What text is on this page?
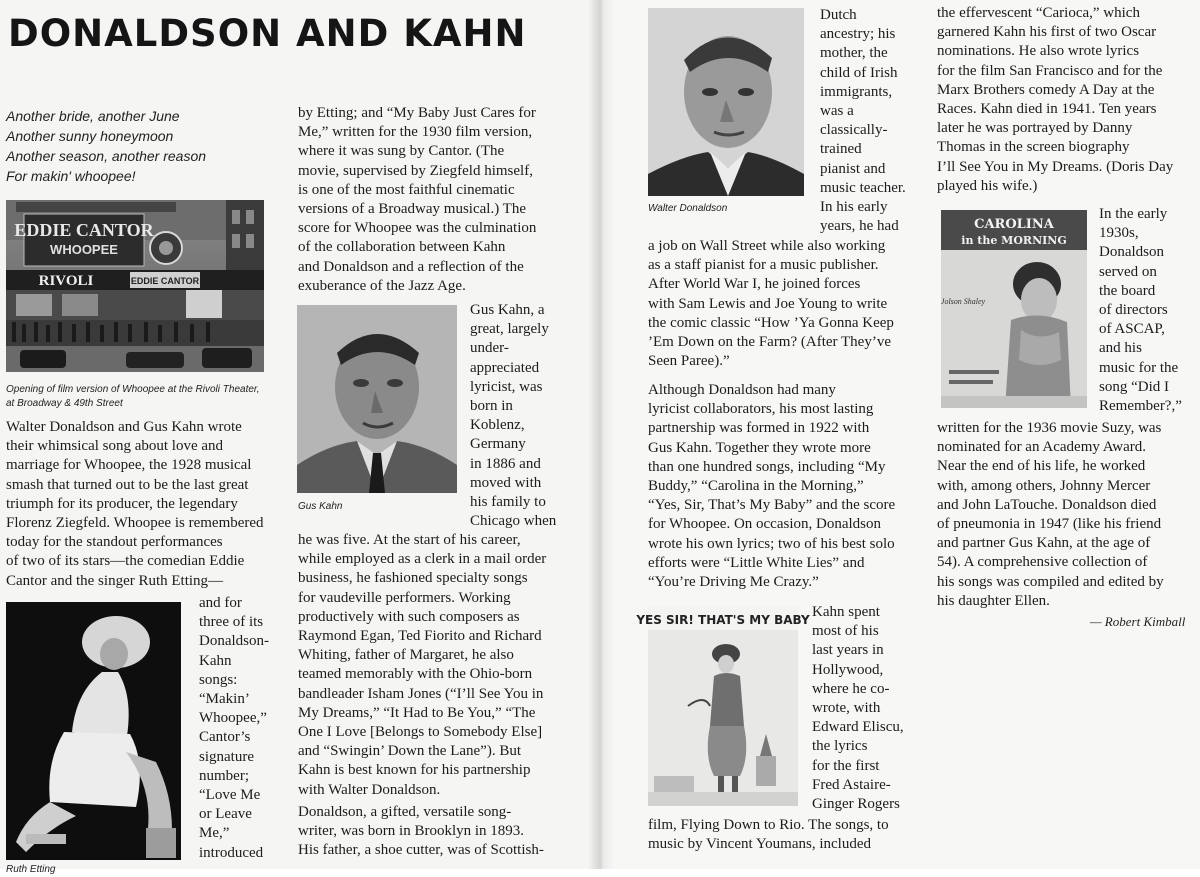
DONALDSON AND KAHN
Another bride, another June
Another sunny honeymoon
Another season, another reason
For makin' whoopee!
EDDIE CANTOR
WHOOPEE
RIVOLI	EDDIE CANTOR

Opening of film version of Whoopee at the Rivoli Theater,
at Broadway & 49th Street

Walter Donaldson and Gus Kahn wrote
their whimsical song about love and
marriage for Whoopee, the 1928 musical
smash that turned out to be the last great
triumph for its producer, the legendary
Florenz Ziegfeld. Whoopee is remembered
today for the standout performances
of two of its stars—the comedian Eddie
Cantor and the singer Ruth Etting—

Ruth Etting

and for
three of its
Donaldson-
Kahn
songs:
“Makin’
Whoopee,”
Cantor’s
signature
number;
“Love Me
or Leave
Me,”
introduced
by Etting; and “My Baby Just Cares for
Me,” written for the 1930 film version,
where it was sung by Cantor. (The
movie, supervised by Ziegfeld himself,
is one of the most faithful cinematic
versions of a Broadway musical.) The
score for Whoopee was the culmination
of the collaboration between Kahn
and Donaldson and a reflection of the
exuberance of the Jazz Age.

Gus Kahn

Gus Kahn, a
great, largely
under-
appreciated
lyricist, was
born in
Koblenz,
Germany
in 1886 and
moved with
his family to
Chicago when
he was five. At the start of his career,
while employed as a clerk in a mail order
business, he fashioned specialty songs
for vaudeville performers. Working
productively with such composers as
Raymond Egan, Ted Fiorito and Richard
Whiting, father of Margaret, he also
teamed memorably with the Ohio-born
bandleader Isham Jones (“I’ll See You in
My Dreams,” “It Had to Be You,” “The
One I Love [Belongs to Somebody Else]
and “Swingin’ Down the Lane”). But
Kahn is best known for his partnership
with Walter Donaldson.
Donaldson, a gifted, versatile song-
writer, was born in Brooklyn in 1893.
His father, a shoe cutter, was of Scottish-

Walter Donaldson

Dutch
ancestry; his
mother, the
child of Irish
immigrants,
was a
classically-
trained
pianist and
music teacher.
In his early
years, he had
a job on Wall Street while also working
as a staff pianist for a music publisher.
After World War I, he joined forces
with Sam Lewis and Joe Young to write
the comic classic “How ’Ya Gonna Keep
’Em Down on the Farm? (After They’ve
Seen Paree).”
Although Donaldson had many
lyricist collaborators, his most lasting
partnership was formed in 1922 with
Gus Kahn. Together they wrote more
than one hundred songs, including “My
Buddy,” “Carolina in the Morning,”
“Yes, Sir, That’s My Baby” and the score
for Whoopee. On occasion, Donaldson
wrote his own lyrics; two of his best solo
efforts were “Little White Lies” and
“You’re Driving Me Crazy.”
YES SIR! THAT'S MY BABY Kahn spent
most of his
last years in
Hollywood,
where he co-
wrote, with
Edward Eliscu,
the lyrics
for the first
Fred Astaire-
Ginger Rogers
film, Flying Down to Rio. The songs, to
music by Vincent Youmans, included
the effervescent “Carioca,” which
garnered Kahn his first of two Oscar
nominations. He also wrote lyrics
for the film San Francisco and for the
Marx Brothers comedy A Day at the
Races. Kahn died in 1941. Ten years
later he was portrayed by Danny
Thomas in the screen biography
I’ll See You in My Dreams. (Doris Day
played his wife.)
CAROLINA
in the MORNING
Jolson Shaley
In the early
1930s,
Donaldson
served on
the board
of directors
of ASCAP,
and his
music for the
song “Did I
Remember?,”
written for the 1936 movie Suzy, was
nominated for an Academy Award.
Near the end of his life, he worked
with, among others, Johnny Mercer
and John LaTouche. Donaldson died
of pneumonia in 1947 (like his friend
and partner Gus Kahn, at the age of
54). A comprehensive collection of
his songs was compiled and edited by
his daughter Ellen.

— Robert Kimball
